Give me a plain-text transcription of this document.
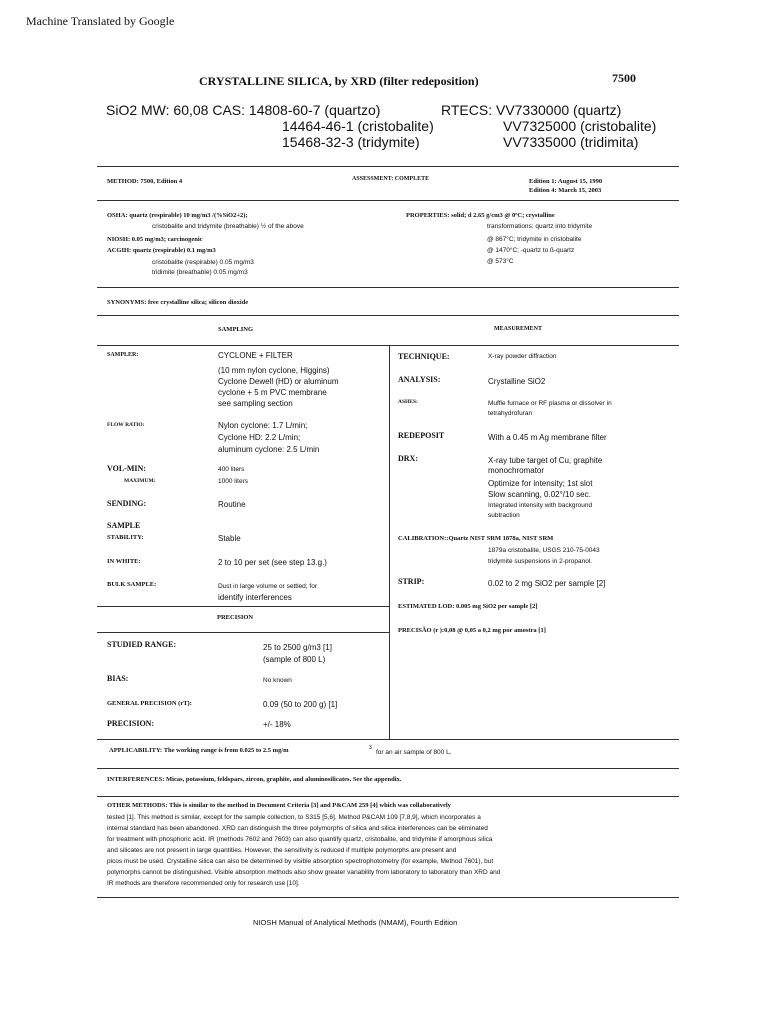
Machine Translated by Google
CRYSTALLINE SILICA, by XRD (filter redeposition)	7500
SiO2 MW: 60,08 CAS: 14808-60-7 (quartzo)	RTECS: VV7330000 (quartz)
14464-46-1 (cristobalite)	VV7325000 (cristobalite)
15468-32-3 (tridymite)	VV7335000 (tridimita)
METHOD: 7500, Edition 4	ASSESSMENT: COMPLETE	Edition 1: August 15, 1990
Edition 4: March 15, 2003
OSHA: quartz (respirable) 10 mg/m3 /(%SiO2+2);
cristobalite and tridymite (breathable) ½ of the above
NIOSH: 0.05 mg/m3; carcinogenic
ACGIH: quartz (respirable) 0.1 mg/m3
cristobalite (respirable) 0.05 mg/m3
tridimite (breathable) 0.05 mg/m3
PROPERTIES: solid; d 2.65 g/cm3 @ 0ºC; crystalline
transformations: quartz into tridymite
@ 867°C; tridymite in cristobalite
@ 1470°C; -quartz to ß-quartz
@ 573°C
SYNONYMS: free crystalline silica; silicon dioxide
SAMPLING	MEASUREMENT
SAMPLER:	CYCLONE + FILTER
(10 mm nylon cyclone, Higgins)
Cyclone Dewell (HD) or aluminum
cyclone + 5 m PVC membrane
see sampling section
FLOW RATIO:	Nylon cyclone: 1.7 L/min;
Cyclone HD: 2.2 L/min;
aluminum cyclone: 2.5 L/min
VOL-MIN:	400 liters
MAXIMUM:	1000 liters
SENDING:	Routine
SAMPLE
STABILITY:	Stable
IN WHITE:	2 to 10 per set (see step 13.g.)
BULK SAMPLE:	Dust in large volume or settled; for
identify interferences
PRECISION
STUDIED RANGE:	25 to 2500 g/m3 [1]
(sample of 800 L)
BIAS:	No known
GENERAL PRECISION (rT):	0.09 (50 to 200 g) [1]
PRECISION:	+/- 18%
TECHNIQUE:	X-ray powder diffraction
ANALYSIS:	Crystalline SiO2
ASHES:	Muffle furnace or RF plasma or dissolver in
tetrahydrofuran
REDEPOSIT	With a 0.45 m Ag membrane filter
DRX:	X-ray tube target of Cu, graphite
monochromator
Optimize for intensity; 1st slot
Slow scanning, 0.02°/10 sec.
Integrated intensity with background
subtraction
CALIBRATION::Quartz NIST SRM 1878a, NIST SRM
1879a cristobalite, USGS 210-75-0043
tridymite suspensions in 2-propanol.
STRIP:	0.02 to 2 mg SiO2 per sample [2]
ESTIMATED LOD: 0.005 mg SiO2 per sample [2]
PRECISÃO (r ):0,08 @ 0,05 a 0,2 mg por amostra [1]
APPLICABILITY: The working range is from 0.025 to 2.5 mg/m	3
for an air sample of 800 L.
INTERFERENCES: Micas, potassium, feldspars, zircon, graphite, and aluminosilicates. See the appendix.
OTHER METHODS: This is similar to the method in Document Criteria [3] and P&CAM 259 [4] which was collaboratively
tested [1]. This method is similar, except for the sample collection, to S315 [5,6]. Method P&CAM 109 [7,8,9], which incorporates a
internal standard has been abandoned. XRD can distinguish the three polymorphs of silica and silica interferences can be eliminated
for treatment with phosphoric acid. IR (methods 7602 and 7603) can also quantify quartz, cristobalite, and tridymite if amorphous silica
and silicates are not present in large quantities. However, the sensitivity is reduced if multiple polymorphs are present and
picos must be used. Crystalline silica can also be determined by visible absorption spectrophotometry (for example, Method 7601), but
polymorphs cannot be distinguished. Visible absorption methods also show greater variability from laboratory to laboratory than XRD and
IR methods are therefore recommended only for research use [10].
NIOSH Manual of Analytical Methods (NMAM), Fourth Edition
